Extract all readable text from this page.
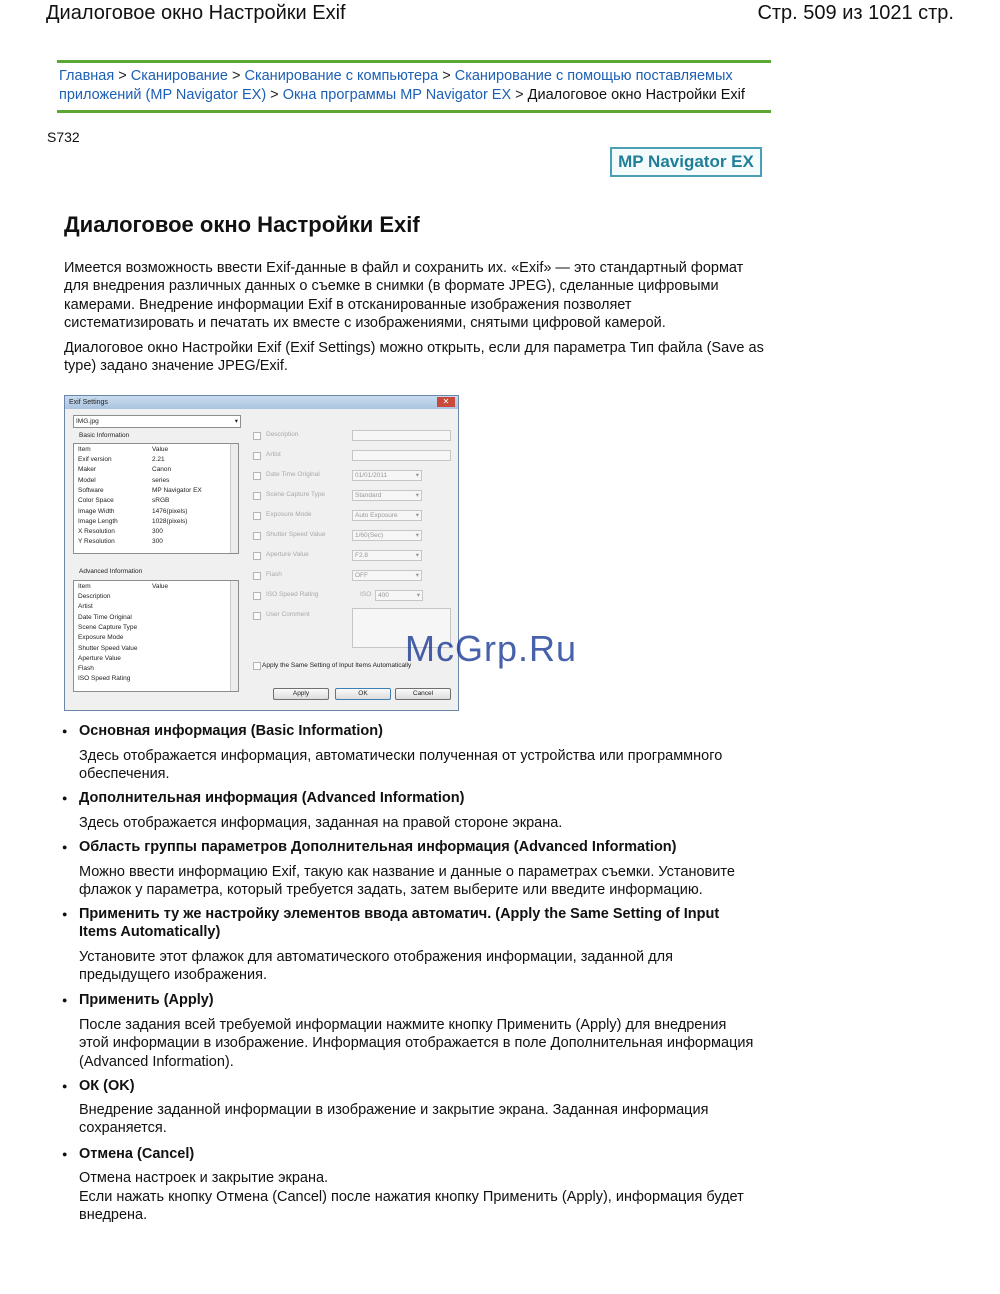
Диалоговое окно Настройки Exif	Стр. 509 из 1021 стр.
Главная > Сканирование > Сканирование с компьютера > Сканирование с помощью поставляемых приложений (MP Navigator EX) > Окна программы MP Navigator EX > Диалоговое окно Настройки Exif
S732
MP Navigator EX
Диалоговое окно Настройки Exif

Имеется возможность ввести Exif-данные в файл и сохранить их. «Exif» — это стандартный формат для внедрения различных данных о съемке в снимки (в формате JPEG), сделанные цифровыми камерами. Внедрение информации Exif в отсканированные изображения позволяет систематизировать и печатать их вместе с изображениями, снятыми цифровой камерой.

Диалоговое окно Настройки Exif (Exif Settings) можно открыть, если для параметра Тип файла (Save as type) задано значение JPEG/Exif.

Exif Settings	✕
IMG.jpg	▾
Basic Information
Item	Value
Exif version	2.21
Maker	Canon
Model	series
Software	MP Navigator EX
Color Space	sRGB
Image Width	1476(pixels)
Image Length	1028(pixels)
X Resolution	300
Y Resolution	300
Advanced Information
Item	Value
Description
Artist
Date Time Original
Scene Capture Type
Exposure Mode
Shutter Speed Value
Aperture Value
Flash
ISO Speed Rating
Description
Artist
Date Time Original	01/01/2011	▾
Scene Capture Type	Standard	▾
Exposure Mode	Auto Exposure	▾
Shutter Speed Value	1/60(Sec)	▾
Aperture Value	F2.8	▾
Flash	OFF	▾
ISO Speed Rating	ISO	400	▾
User Comment
Apply the Same Setting of Input Items Automatically
Apply	OK	Cancel
McGrp.Ru
● Основная информация (Basic Information)
Здесь отображается информация, автоматически полученная от устройства или программного обеспечения.
● Дополнительная информация (Advanced Information)
Здесь отображается информация, заданная на правой стороне экрана.
● Область группы параметров Дополнительная информация (Advanced Information)
Можно ввести информацию Exif, такую как название и данные о параметрах съемки. Установите флажок у параметра, который требуется задать, затем выберите или введите информацию.
● Применить ту же настройку элементов ввода автоматич. (Apply the Same Setting of Input Items Automatically)
Установите этот флажок для автоматического отображения информации, заданной для предыдущего изображения.
● Применить (Apply)
После задания всей требуемой информации нажмите кнопку Применить (Apply) для внедрения этой информации в изображение. Информация отображается в поле Дополнительная информация (Advanced Information).
● ОК (OK)
Внедрение заданной информации в изображение и закрытие экрана. Заданная информация сохраняется.
● Отмена (Cancel)
Отмена настроек и закрытие экрана.
Если нажать кнопку Отмена (Cancel) после нажатия кнопку Применить (Apply), информация будет внедрена.
